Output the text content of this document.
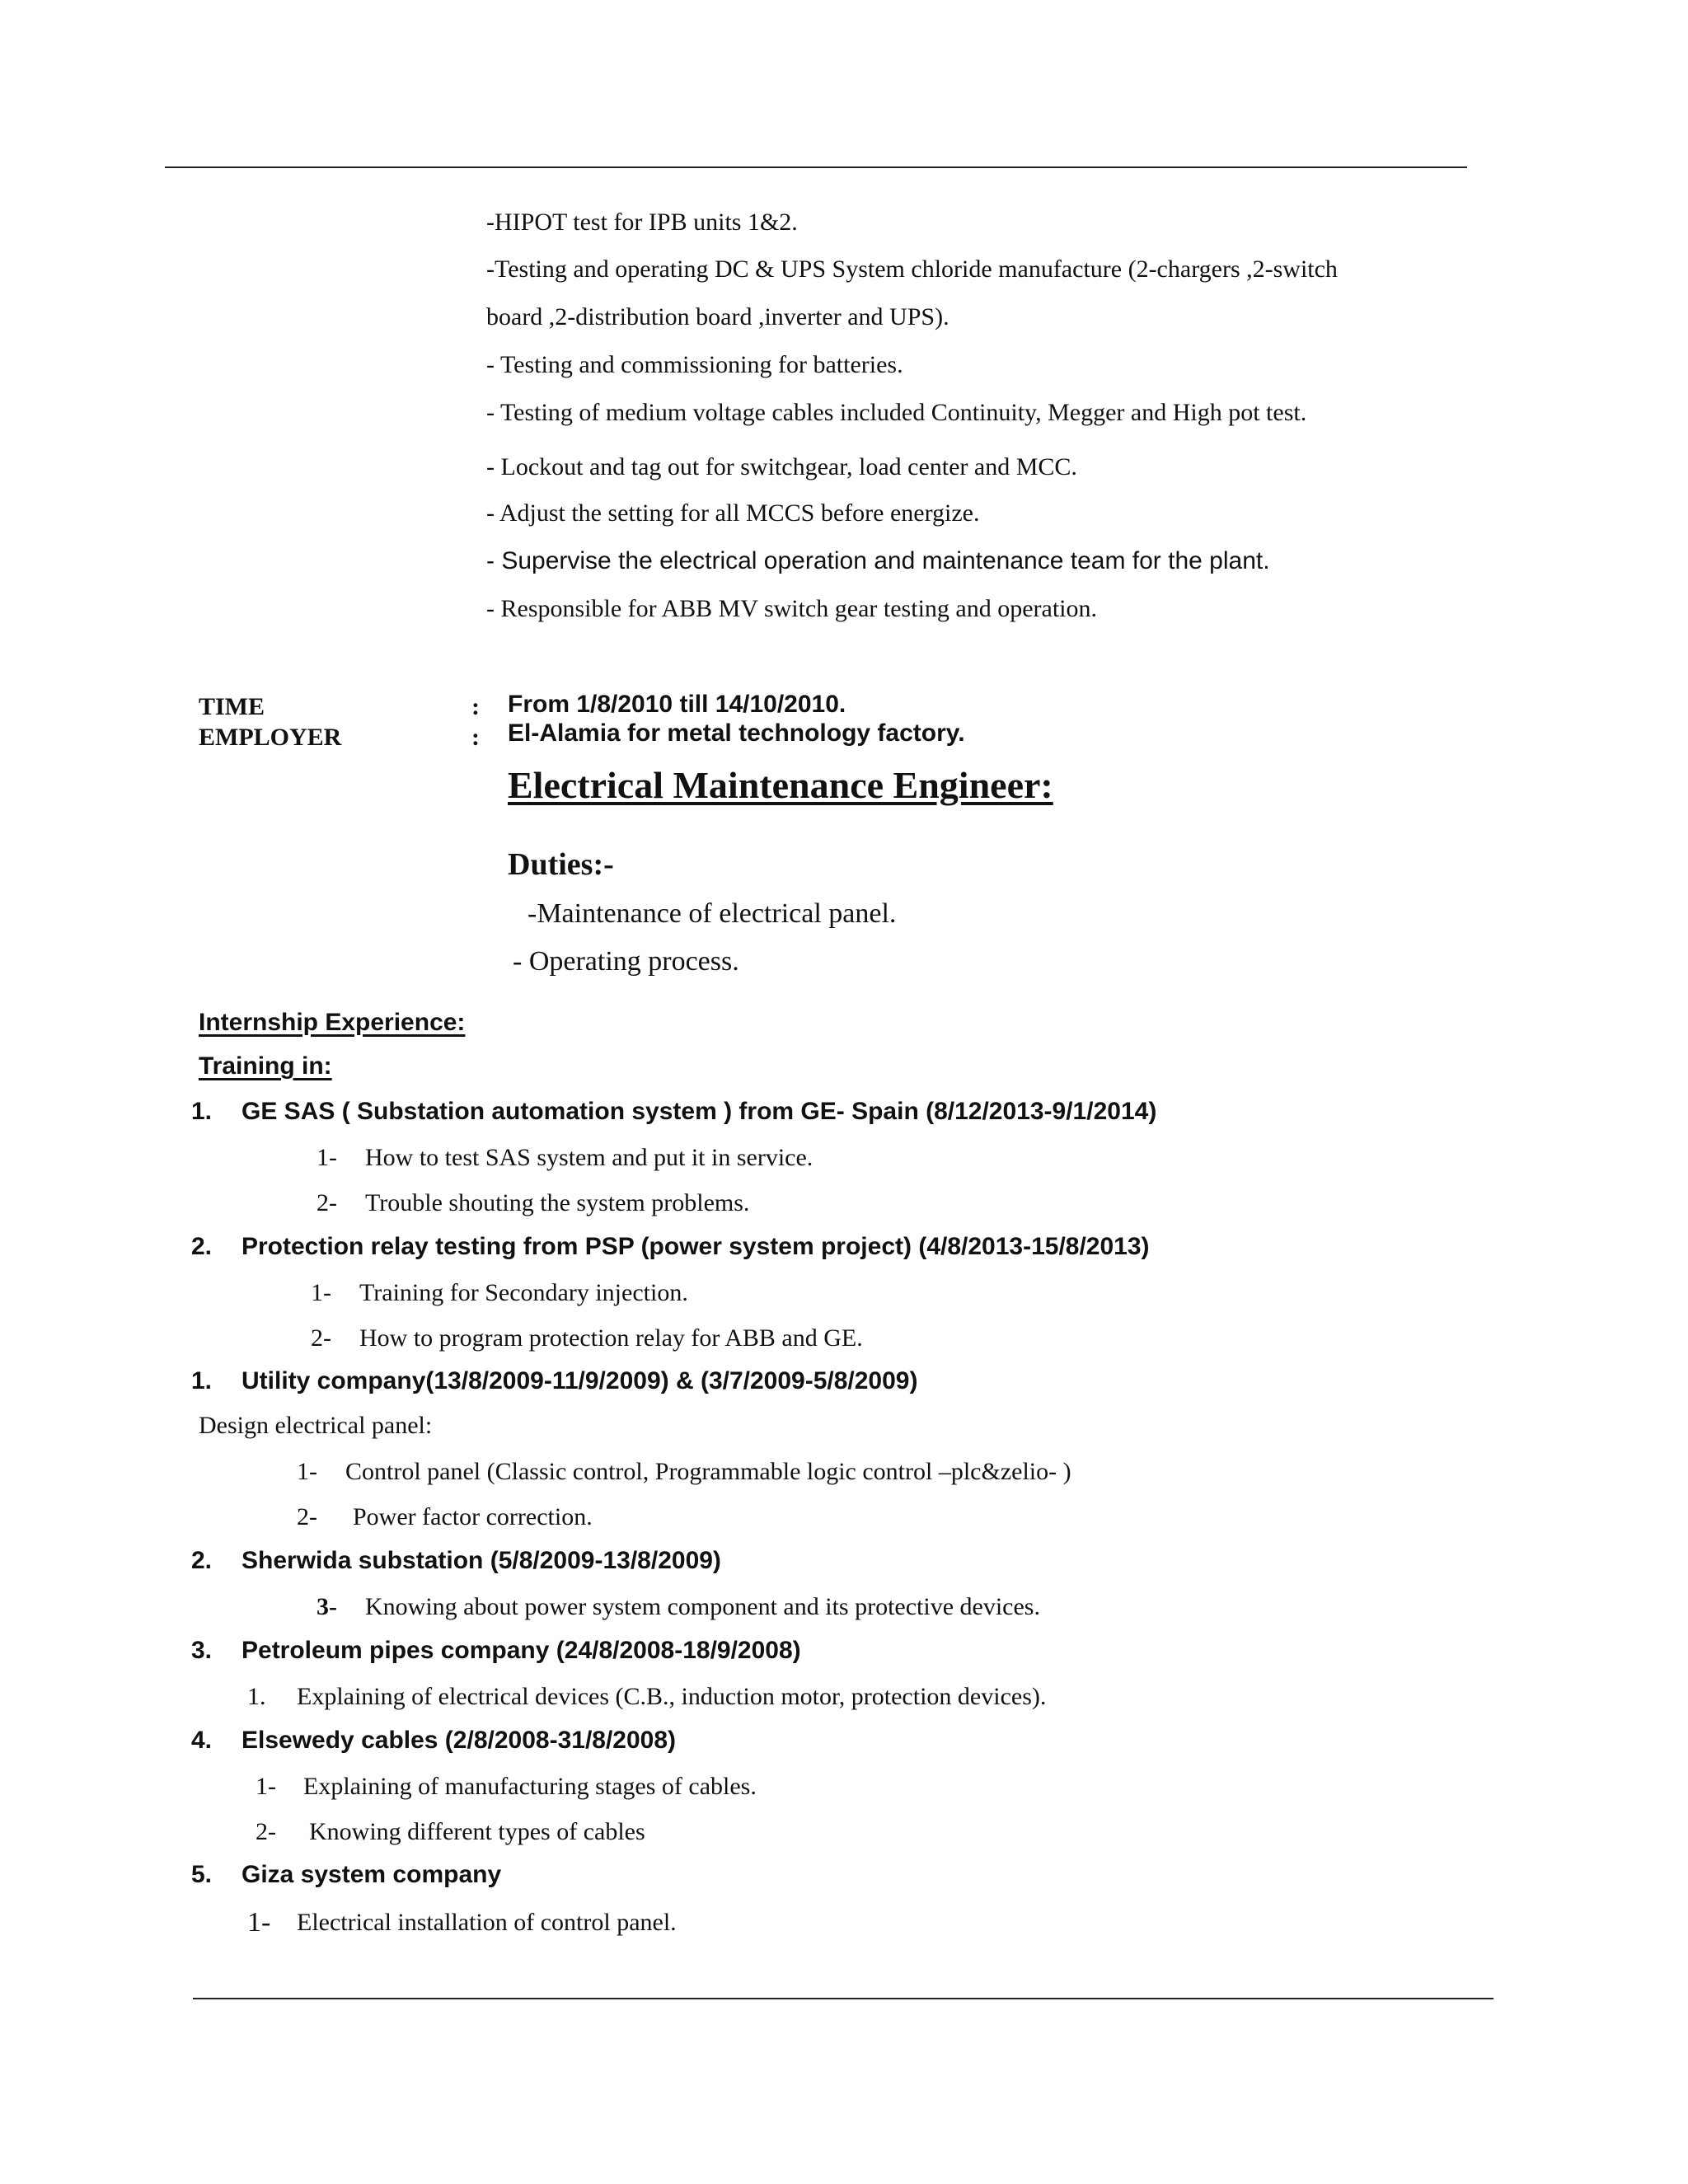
-HIPOT test for IPB units 1&2.
-Testing and operating DC & UPS System chloride manufacture (2-chargers ,2-switch
board ,2-distribution board ,inverter and UPS).
- Testing and commissioning for batteries.
- Testing of medium voltage cables included Continuity, Megger and High pot test.
- Lockout and tag out for switchgear, load center and MCC.
- Adjust the setting for all MCCS before energize.
- Supervise the electrical operation and maintenance team for the plant.
- Responsible for ABB MV switch gear testing and operation.
TIME
EMPLOYER
:
:
From 1/8/2010 till 14/10/2010.
El-Alamia for metal technology factory.
Electrical Maintenance Engineer:
Duties:-
-Maintenance of electrical panel.
- Operating process.
Internship Experience:
Training in:
1. GE SAS ( Substation automation system ) from GE- Spain (8/12/2013-9/1/2014)
1- How to test SAS system and put it in service.
2- Trouble shouting the system problems.
2. Protection relay testing from PSP (power system project) (4/8/2013-15/8/2013)
1- Training for Secondary injection.
2- How to program protection relay for ABB and GE.
1. Utility company(13/8/2009-11/9/2009) & (3/7/2009-5/8/2009)
Design electrical panel:
1- Control panel (Classic control, Programmable logic control –plc&zelio- )
2- Power factor correction.
2. Sherwida substation (5/8/2009-13/8/2009)
3- Knowing about power system component and its protective devices.
3. Petroleum pipes company (24/8/2008-18/9/2008)
1. Explaining of electrical devices (C.B., induction motor, protection devices).
4. Elsewedy cables (2/8/2008-31/8/2008)
1- Explaining of manufacturing stages of cables.
2- Knowing different types of cables
5. Giza system company
1- Electrical installation of control panel.
